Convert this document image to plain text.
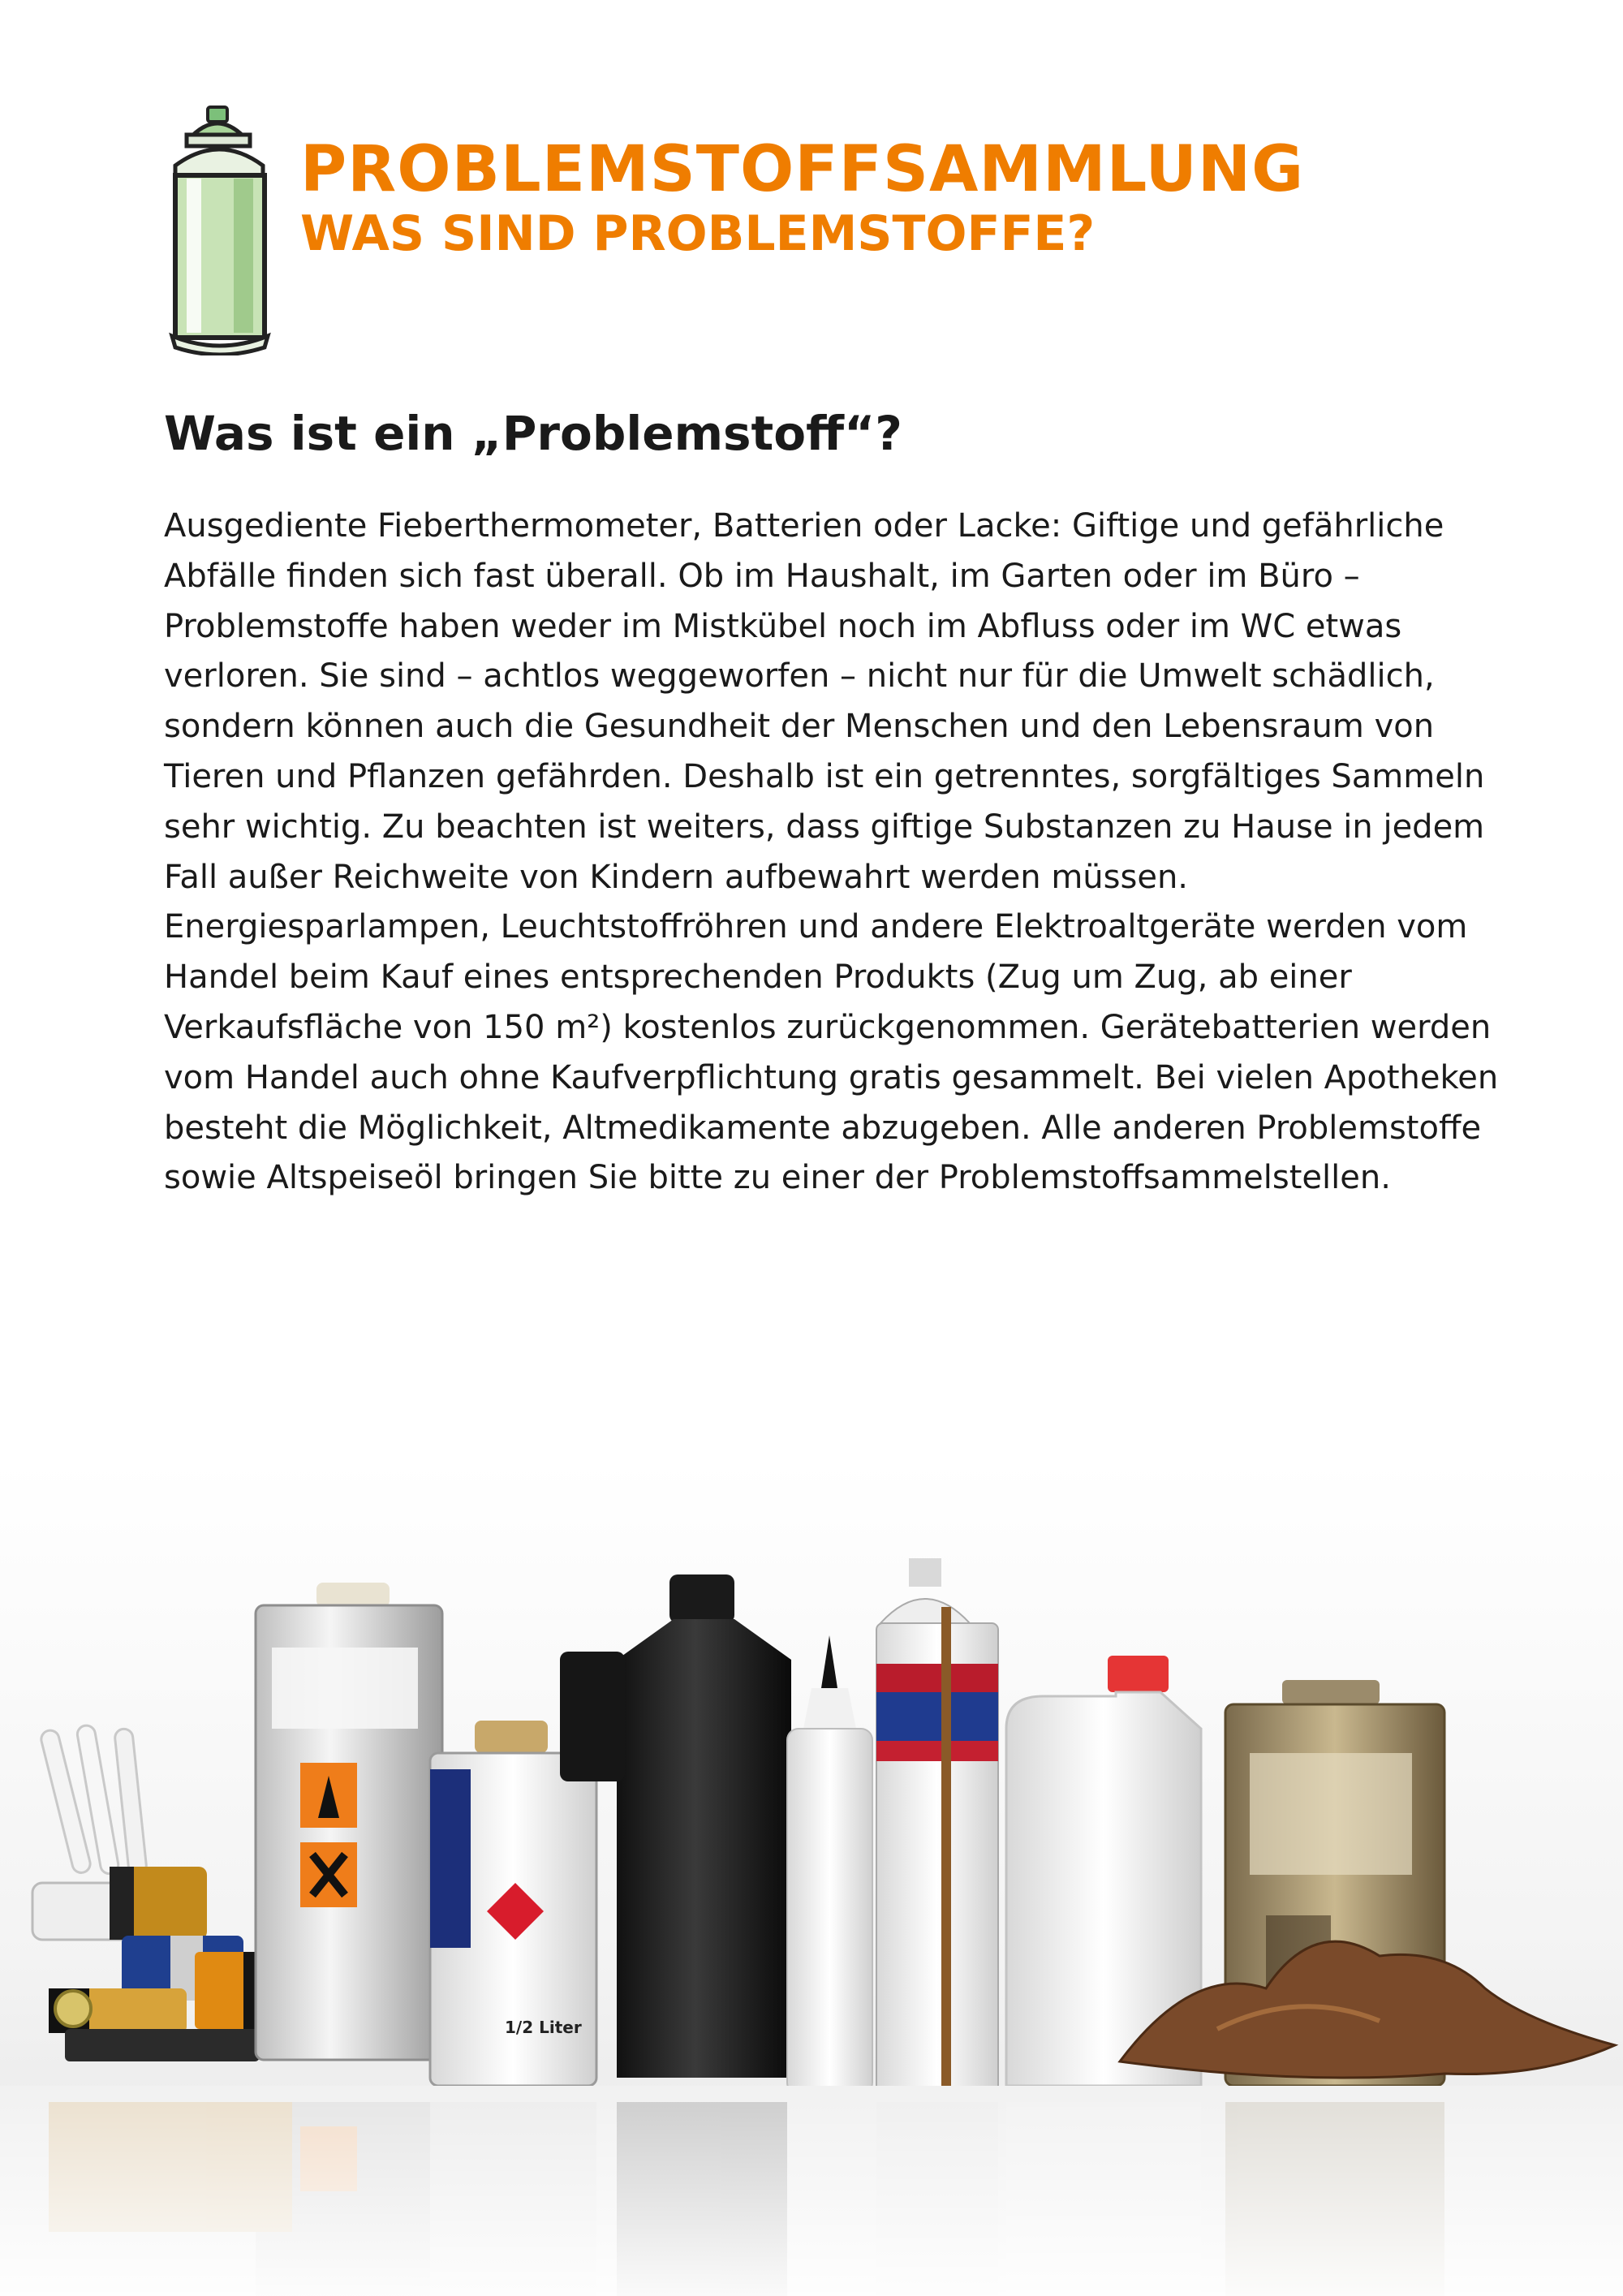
PROBLEMSTOFFSAMMLUNG
WAS SIND PROBLEMSTOFFE?
Was ist ein „Problemstoff“?

Ausgediente Fieberthermometer, Batterien oder Lacke: Giftige und gefährliche Abfälle finden sich fast überall. Ob im Haushalt, im Garten oder im Büro – Problemstoffe haben weder im Mistkübel noch im Abfluss oder im WC etwas verloren. Sie sind – achtlos weggeworfen – nicht nur für die Umwelt schädlich, sondern können auch die Gesundheit der Menschen und den Lebensraum von Tieren und Pflanzen gefährden. Deshalb ist ein getrenntes, sorgfältiges Sammeln sehr wichtig. Zu beachten ist weiters, dass giftige Substanzen zu Hause in jedem Fall außer Reichweite von Kindern aufbewahrt werden müssen. Energiesparlampen, Leuchtstoffröhren und andere Elektroaltgeräte werden vom Handel beim Kauf eines entsprechenden Produkts (Zug um Zug, ab einer Verkaufsfläche von 150 m²) kostenlos zurückgenommen. Gerätebatterien werden vom Handel auch ohne Kaufverpflichtung gratis gesammelt. Bei vielen Apotheken besteht die Möglichkeit, Altmedikamente abzugeben. Alle anderen Problemstoffe sowie Altspeiseöl bringen Sie bitte zu einer der Problemstoffsammelstellen.

1/2 Liter
